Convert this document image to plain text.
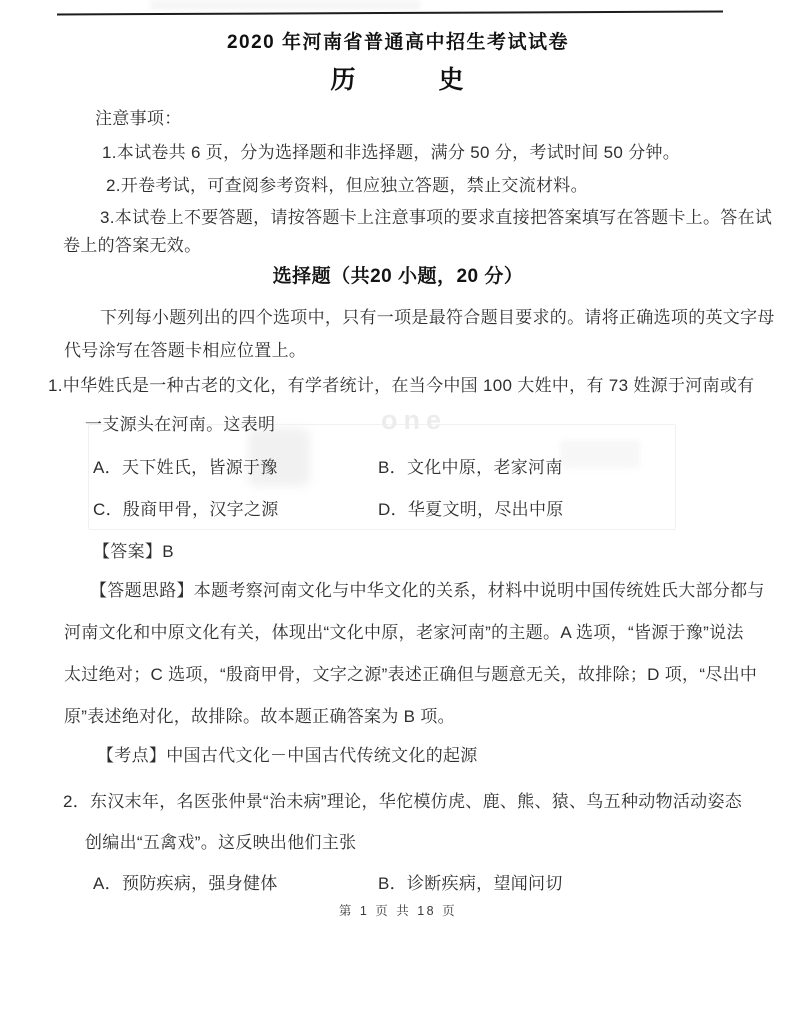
one
2020 年河南省普通高中招生考试试卷
历　　　史
注意事项：
1.本试卷共 6 页，分为选择题和非选择题，满分 50 分，考试时间 50 分钟。
2.开卷考试，可查阅参考资料，但应独立答题，禁止交流材料。
3.本试卷上不要答题，请按答题卡上注意事项的要求直接把答案填写在答题卡上。答在试
卷上的答案无效。
选择题（共20 小题，20 分）
下列每小题列出的四个选项中，只有一项是最符合题目要求的。请将正确选项的英文字母
代号涂写在答题卡相应位置上。
1.中华姓氏是一种古老的文化，有学者统计，在当今中国 100 大姓中，有 73 姓源于河南或有
一支源头在河南。这表明
A．天下姓氏，皆源于豫	B．文化中原，老家河南
C．殷商甲骨，汉字之源	D．华夏文明，尽出中原
【答案】B
【答题思路】本题考察河南文化与中华文化的关系，材料中说明中国传统姓氏大部分都与
河南文化和中原文化有关，体现出“文化中原，老家河南”的主题。A 选项，“皆源于豫”说法
太过绝对；C 选项，“殷商甲骨，文字之源”表述正确但与题意无关，故排除；D 项，“尽出中
原”表述绝对化，故排除。故本题正确答案为 B 项。
【考点】中国古代文化－中国古代传统文化的起源
2．东汉末年，名医张仲景“治未病”理论，华佗模仿虎、鹿、熊、猿、鸟五种动物活动姿态
创编出“五禽戏”。这反映出他们主张
A．预防疾病，强身健体	B．诊断疾病，望闻问切
第 1 页 共 18 页
